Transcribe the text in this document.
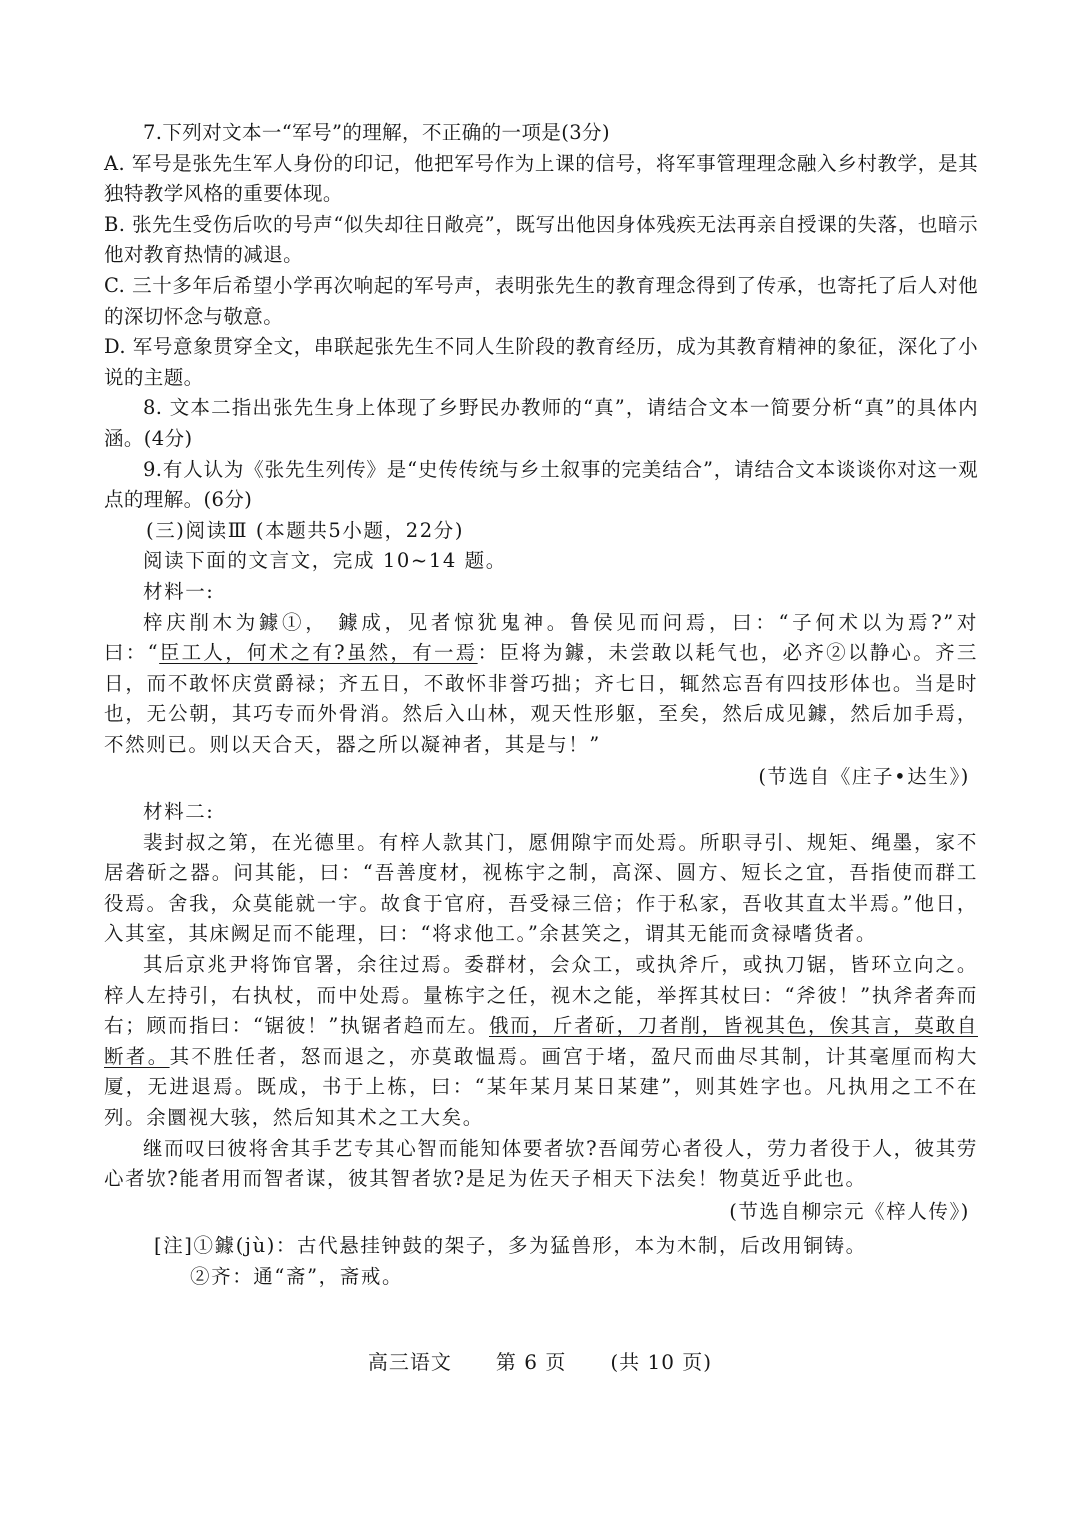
7.下列对文本一“军号”的理解，不正确的一项是(3分)

A. 军号是张先生军人身份的印记，他把军号作为上课的信号，将军事管理理念融入乡村教学，是其独特教学风格的重要体现。

B. 张先生受伤后吹的号声“似失却往日敞亮”，既写出他因身体残疾无法再亲自授课的失落，也暗示他对教育热情的减退。

C. 三十多年后希望小学再次响起的军号声，表明张先生的教育理念得到了传承，也寄托了后人对他的深切怀念与敬意。

D. 军号意象贯穿全文，串联起张先生不同人生阶段的教育经历，成为其教育精神的象征，深化了小说的主题。

8. 文本二指出张先生身上体现了乡野民办教师的“真”，请结合文本一简要分析“真”的具体内涵。(4分)

9.有人认为《张先生列传》是“史传传统与乡土叙事的完美结合”，请结合文本谈谈你对这一观点的理解。(6分)

(三)阅读Ⅲ (本题共5小题，22分)

阅读下面的文言文，完成 10~14 题。

材料一:

梓庆削木为鐻①， 鐻成，见者惊犹鬼神。鲁侯见而问焉，曰：“子何术以为焉?”对曰：“臣工人，何术之有?虽然，有一焉：臣将为鐻，未尝敢以耗气也，必齐②以静心。齐三日，而不敢怀庆赏爵禄；齐五日，不敢怀非誉巧拙；齐七日，辄然忘吾有四技形体也。当是时也，无公朝，其巧专而外骨消。然后入山林，观天性形躯，至矣，然后成见鐻，然后加手焉，不然则已。则以天合天，器之所以凝神者，其是与！”

(节选自《庄子•达生》)

材料二:

裴封叔之第，在光德里。有梓人款其门，愿佣隙宇而处焉。所职寻引、规矩、绳墨，家不居砻斫之器。问其能，曰：“吾善度材，视栋宇之制，高深、圆方、短长之宜，吾指使而群工役焉。舍我，众莫能就一宇。故食于官府，吾受禄三倍；作于私家，吾收其直太半焉。”他日，入其室，其床阙足而不能理，曰：“将求他工。”余甚笑之，谓其无能而贪禄嗜货者。

其后京兆尹将饰官署，余往过焉。委群材，会众工，或执斧斤，或执刀锯，皆环立向之。梓人左持引，右执杖，而中处焉。量栋宇之任，视木之能，举挥其杖曰：“斧彼！”执斧者奔而右；顾而指曰：“锯彼！”执锯者趋而左。俄而，斤者斫，刀者削，皆视其色，俟其言，莫敢自断者。其不胜任者，怒而退之，亦莫敢愠焉。画宫于堵，盈尺而曲尽其制，计其毫厘而构大厦，无进退焉。既成，书于上栋，曰：“某年某月某日某建”，则其姓字也。凡执用之工不在列。余圜视大骇，然后知其术之工大矣。

继而叹曰彼将舍其手艺专其心智而能知体要者欤?吾闻劳心者役人，劳力者役于人，彼其劳心者欤?能者用而智者谋，彼其智者欤?是足为佐天子相天下法矣！物莫近乎此也。

(节选自柳宗元《梓人传》)

[注]①鐻(jù)：古代悬挂钟鼓的架子，多为猛兽形，本为木制，后改用铜铸。

②齐：通“斋”，斋戒。

高三语文 第 6 页 (共 10 页)
